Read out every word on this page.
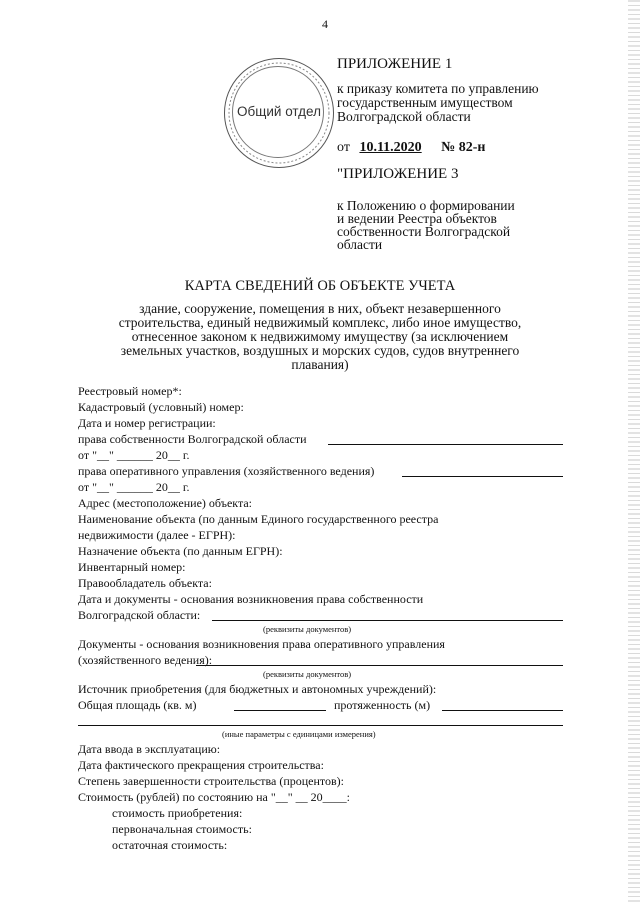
4
Общий отдел
ПРИЛОЖЕНИЕ 1
к приказу комитета по управлению
государственным имуществом
Волгоградской области
от 10.11.2020 № 82-н
"ПРИЛОЖЕНИЕ 3
к Положению о формировании
и ведении Реестра объектов
собственности Волгоградской
области
КАРТА СВЕДЕНИЙ ОБ ОБЪЕКТЕ УЧЕТА
здание, сооружение, помещения в них, объект незавершенного
строительства, единый недвижимый комплекс, либо иное имущество,
отнесенное законом к недвижимому имуществу (за исключением
земельных участков, воздушных и морских судов, судов внутреннего
плавания)
Реестровый номер*:
Кадастровый (условный) номер:
Дата и номер регистрации:
права собственности Волгоградской области
от "__" ______ 20__ г.
права оперативного управления (хозяйственного ведения)
от "__" ______ 20__ г.
Адрес (местоположение) объекта:
Наименование объекта (по данным Единого государственного реестра
недвижимости (далее - ЕГРН):
Назначение объекта (по данным ЕГРН):
Инвентарный номер:
Правообладатель объекта:
Дата и документы - основания возникновения права собственности
Волгоградской области:
(реквизиты документов)
Документы - основания возникновения права оперативного управления
(хозяйственного ведения):
(реквизиты документов)
Источник приобретения (для бюджетных и автономных учреждений):
Общая площадь (кв. м)	протяженность (м)
(иные параметры с единицами измерения)
Дата ввода в эксплуатацию:
Дата фактического прекращения строительства:
Степень завершенности строительства (процентов):
Стоимость (рублей) по состоянию на "__" __ 20____:
стоимость приобретения:
первоначальная стоимость:
остаточная стоимость:
